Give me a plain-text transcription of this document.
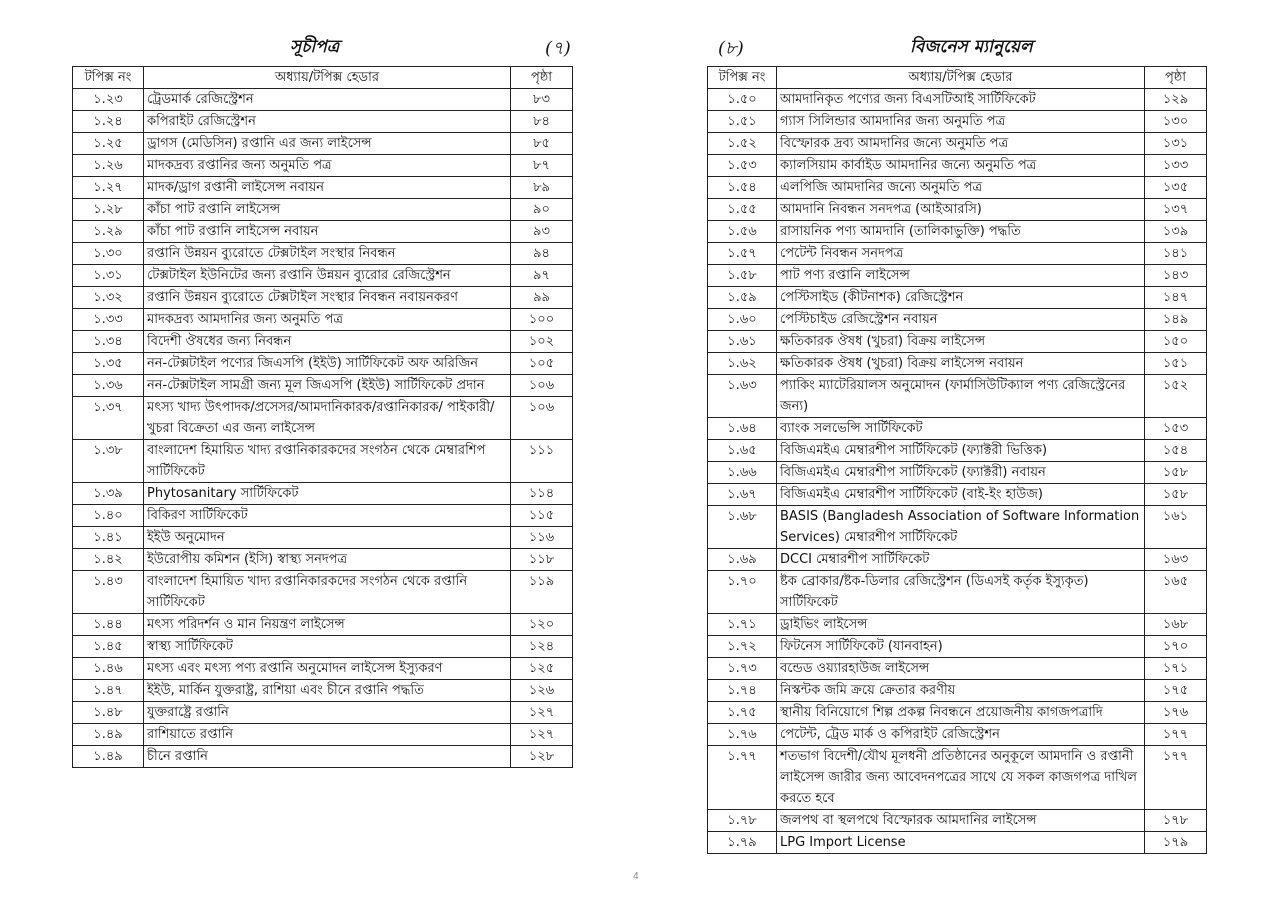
সূচীপত্র	(৭)	(৮)	বিজনেস ম্যানুয়েল
টপিক্স নং	অধ্যায়/টপিক্স হেডার	পৃষ্ঠা
১.২৩	ট্রেডমার্ক রেজিস্ট্রেশন	৮৩
১.২৪	কপিরাইট রেজিস্ট্রেশন	৮৪
১.২৫	ড্রাগস (মেডিসিন) রপ্তানি এর জন্য লাইসেন্স	৮৫
১.২৬	মাদকদ্রব্য রপ্তানির জন্য অনুমতি পত্র	৮৭
১.২৭	মাদক/ড্রাগ রপ্তানী লাইসেন্স নবায়ন	৮৯
১.২৮	কাঁচা পাট রপ্তানি লাইসেন্স	৯০
১.২৯	কাঁচা পাট রপ্তানি লাইসেন্স নবায়ন	৯৩
১.৩০	রপ্তানি উন্নয়ন ব্যুরোতে টেক্সটাইল সংস্থার নিবন্ধন	৯৪
১.৩১	টেক্সটাইল ইউনিটের জন্য রপ্তানি উন্নয়ন ব্যুরোর রেজিস্ট্রেশন	৯৭
১.৩২	রপ্তানি উন্নয়ন ব্যুরোতে টেক্সটাইল সংস্থার নিবন্ধন নবায়নকরণ	৯৯
১.৩৩	মাদকদ্রব্য আমদানির জন্য অনুমতি পত্র	১০০
১.৩৪	বিদেশী ঔষধের জন্য নিবন্ধন	১০২
১.৩৫	নন-টেক্সটাইল পণ্যের জিএসপি (ইইউ) সার্টিফিকেট অফ অরিজিন	১০৫
১.৩৬	নন-টেক্সটাইল সামগ্রী জন্য মূল জিএসপি (ইইউ) সার্টিফিকেট প্রদান	১০৬
১.৩৭	মৎস্য খাদ্য উৎপাদক/প্রসেসর/আমদানিকারক/রপ্তানিকারক/ পাইকারী/খুচরা বিক্রেতা এর জন্য লাইসেন্স	১০৬
১.৩৮	বাংলাদেশ হিমায়িত খাদ্য রপ্তানিকারকদের সংগঠন থেকে মেম্বারশিপ সার্টিফিকেট	১১১
১.৩৯	Phytosanitary সার্টিফিকেট	১১৪
১.৪০	বিকিরণ সার্টিফিকেট	১১৫
১.৪১	ইইউ অনুমোদন	১১৬
১.৪২	ইউরোপীয় কমিশন (ইসি) স্বাস্থ্য সনদপত্র	১১৮
১.৪৩	বাংলাদেশ হিমায়িত খাদ্য রপ্তানিকারকদের সংগঠন থেকে রপ্তানি সার্টিফিকেট	১১৯
১.৪৪	মৎস্য পরিদর্শন ও মান নিয়ন্ত্রণ লাইসেন্স	১২০
১.৪৫	স্বাস্থ্য সার্টিফিকেট	১২৪
১.৪৬	মৎস্য এবং মৎস্য পণ্য রপ্তানি অনুমোদন লাইসেন্স ইস্যুকরণ	১২৫
১.৪৭	ইইউ, মার্কিন যুক্তরাষ্ট্র, রাশিয়া এবং চীনে রপ্তানি পদ্ধতি	১২৬
১.৪৮	যুক্তরাষ্ট্রে রপ্তানি	১২৭
১.৪৯	রাশিয়াতে রপ্তানি	১২৭
১.৪৯	চীনে রপ্তানি	১২৮
টপিক্স নং	অধ্যায়/টপিক্স হেডার	পৃষ্ঠা
১.৫০	আমদানিকৃত পণ্যের জন্য বিএসটিআই সার্টিফিকেট	১২৯
১.৫১	গ্যাস সিলিন্ডার আমদানির জন্য অনুমতি পত্র	১৩০
১.৫২	বিস্ফোরক দ্রব্য আমদানির জন্যে অনুমতি পত্র	১৩১
১.৫৩	ক্যালসিয়াম কার্বাইড আমদানির জন্যে অনুমতি পত্র	১৩৩
১.৫৪	এলপিজি আমদানির জন্যে অনুমতি পত্র	১৩৫
১.৫৫	আমদানি নিবন্ধন সনদপত্র (আইআরসি)	১৩৭
১.৫৬	রাসায়নিক পণ্য আমদানি (তালিকাভুক্তি) পদ্ধতি	১৩৯
১.৫৭	পেটেন্ট নিবন্ধন সনদপত্র	১৪১
১.৫৮	পাট পণ্য রপ্তানি লাইসেন্স	১৪৩
১.৫৯	পেস্টিসাইড (কীটনাশক) রেজিস্ট্রেশন	১৪৭
১.৬০	পেস্টিচাইড রেজিস্ট্রেশন নবায়ন	১৪৯
১.৬১	ক্ষতিকারক ঔষধ (খুচরা) বিক্রয় লাইসেন্স	১৫০
১.৬২	ক্ষতিকারক ঔষধ (খুচরা) বিক্রয় লাইসেন্স নবায়ন	১৫১
১.৬৩	প্যাকিং ম্যাটেরিয়ালস অনুমোদন (ফার্মাসিউটিক্যাল পণ্য রেজিস্ট্রেনের জন্য)	১৫২
১.৬৪	ব্যাংক সলভেন্সি সার্টিফিকেট	১৫৩
১.৬৫	বিজিএমইএ মেম্বারশীপ সার্টিফিকেট (ফ্যাক্টরী ভিত্তিক)	১৫৪
১.৬৬	বিজিএমইএ মেম্বারশীপ সার্টিফিকেট (ফ্যাক্টরী) নবায়ন	১৫৮
১.৬৭	বিজিএমইএ মেম্বারশীপ সার্টিফিকেট (বাই-ইং হাউজ)	১৫৮
১.৬৮	BASIS (Bangladesh Association of Software Information Services) মেম্বারশীপ সার্টিফিকেট	১৬১
১.৬৯	DCCI মেম্বারশীপ সার্টিফিকেট	১৬৩
১.৭০	ষ্টক ব্রোকার/ষ্টক-ডিলার রেজিস্ট্রেশন (ডিএসই কর্তৃক ইস্যুকৃত) সার্টিফিকেট	১৬৫
১.৭১	ড্রাইভিং লাইসেন্স	১৬৮
১.৭২	ফিটনেস সার্টিফিকেট (যানবাহন)	১৭০
১.৭৩	বন্ডেড ওয়্যারহাউজ লাইসেন্স	১৭১
১.৭৪	নিস্কন্টক জমি ক্রয়ে ক্রেতার করণীয়	১৭৫
১.৭৫	স্থানীয় বিনিয়োগে শিল্প প্রকল্প নিবন্ধনে প্রয়োজনীয় কাগজপত্রাদি	১৭৬
১.৭৬	পেটেন্ট, ট্রেড মার্ক ও কপিরাইট রেজিস্ট্রেশন	১৭৭
১.৭৭	শতভাগ বিদেশী/যৌথ মূলধনী প্রতিষ্ঠানের অনুকূলে আমদানি ও রপ্তানী লাইসেন্স জারীর জন্য আবেদনপত্রের সাথে যে সকল কাজগপত্র দাখিল করতে হবে	১৭৭
১.৭৮	জলপথ বা স্থলপথে বিস্ফোরক আমদানির লাইসেন্স	১৭৮
১.৭৯	LPG Import License	১৭৯
4
